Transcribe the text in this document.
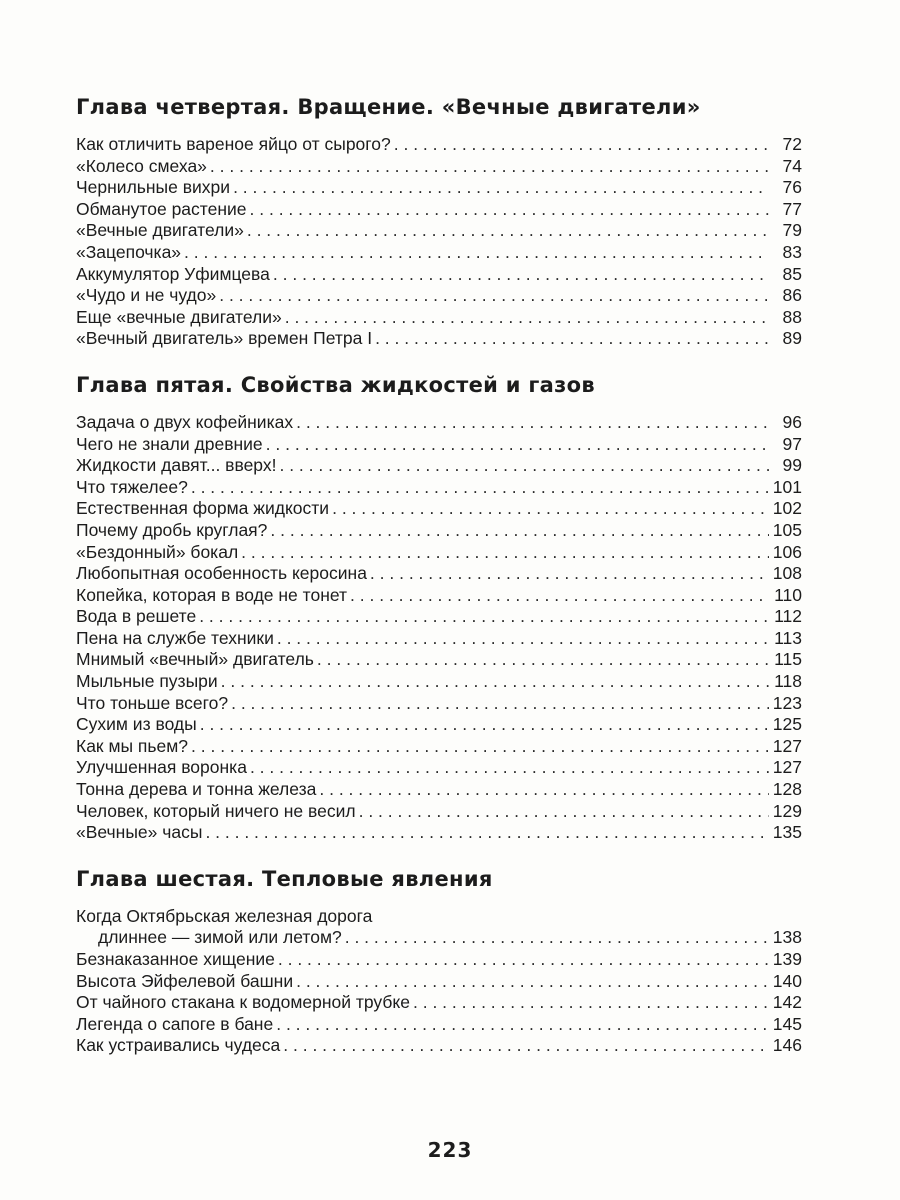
Глава четвертая. Вращение. «Вечные двигатели»
Как отличить вареное яйцо от сырого? . . .	72
«Колесо смеха» . . .	74
Чернильные вихри . . .	76
Обманутое растение . . .	77
«Вечные двигатели» . . .	79
«Зацепочка» . . .	83
Аккумулятор Уфимцева . . .	85
«Чудо и не чудо» . . .	86
Еще «вечные двигатели» . . .	88
«Вечный двигатель» времен Петра I . . .	89
Глава пятая. Свойства жидкостей и газов
Задача о двух кофейниках . . .	96
Чего не знали древние . . .	97
Жидкости давят... вверх! . . .	99
Что тяжелее? . . .	101
Естественная форма жидкости . . .	102
Почему дробь круглая? . . .	105
«Бездонный» бокал . . .	106
Любопытная особенность керосина . . .	108
Копейка, которая в воде не тонет . . .	110
Вода в решете . . .	112
Пена на службе техники . . .	113
Мнимый «вечный» двигатель . . .	115
Мыльные пузыри . . .	118
Что тоньше всего? . . .	123
Сухим из воды . . .	125
Как мы пьем? . . .	127
Улучшенная воронка . . .	127
Тонна дерева и тонна железа . . .	128
Человек, который ничего не весил . . .	129
«Вечные» часы . . .	135
Глава шестая. Тепловые явления
Когда Октябрьская железная дорога
длиннее — зимой или летом? . . .	138
Безнаказанное хищение . . .	139
Высота Эйфелевой башни . . .	140
От чайного стакана к водомерной трубке . . .	142
Легенда о сапоге в бане . . .	145
Как устраивались чудеса . . .	146
223
